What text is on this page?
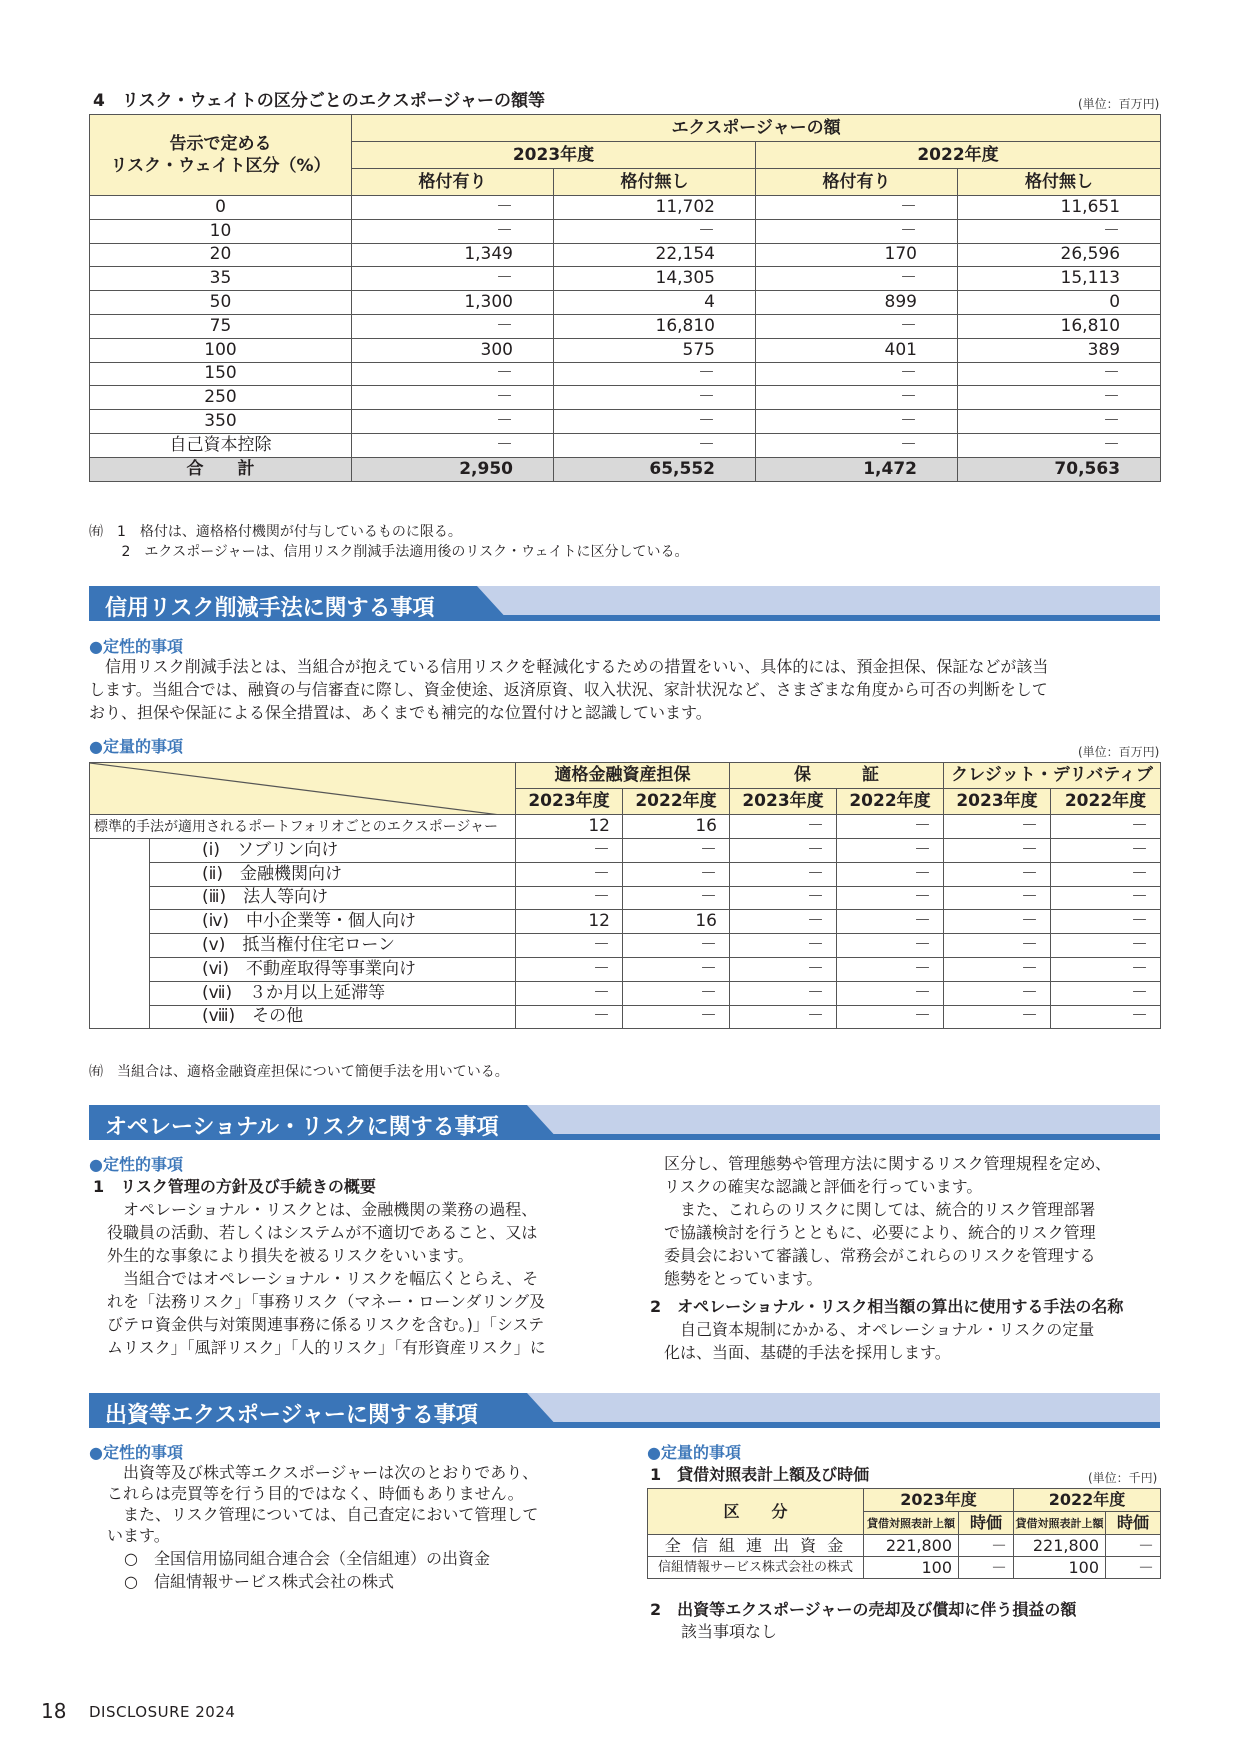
4　リスク・ウェイトの区分ごとのエクスポージャーの額等	(単位：百万円)
告示で定める
リスク・ウェイト区分（%）	エクスポージャーの額			
	2023年度		2022年度	
	格付有り	格付無し	格付有り	格付無し
0	－	11,702	－	11,651
10	－	－	－	－
20	1,349	22,154	170	26,596
35	－	14,305	－	15,113
50	1,300	4	899	0
75	－	16,810	－	16,810
100	300	575	401	389
150	－	－	－	－
250	－	－	－	－
350	－	－	－	－
自己資本控除	－	－	－	－
合　　計	2,950	65,552	1,472	70,563
㈲　1　格付は、適格格付機関が付与しているものに限る。
　　 2　エクスポージャーは、信用リスク削減手法適用後のリスク・ウェイトに区分している。
信用リスク削減手法に関する事項
●定性的事項
　信用リスク削減手法とは、当組合が抱えている信用リスクを軽減化するための措置をいい、具体的には、預金担保、保証などが該当
します。当組合では、融資の与信審査に際し、資金使途、返済原資、収入状況、家計状況など、さまざまな角度から可否の判断をして
おり、担保や保証による保全措置は、あくまでも補完的な位置付けと認識しています。
●定量的事項	(単位：百万円)
	適格金融資産担保		保　　　証		クレジット・デリバティブ	
		2023年度	2022年度	2023年度	2022年度	2023年度	2022年度
標準的手法が適用されるポートフォリオごとのエクスポージャー		12	16	－	－	－	－
	(ⅰ)　ソブリン向け	－	－	－	－	－	－
	(ⅱ)　金融機関向け	－	－	－	－	－	－
	(ⅲ)　法人等向け	－	－	－	－	－	－
	(ⅳ)　中小企業等・個人向け	12	16	－	－	－	－
	(ⅴ)　抵当権付住宅ローン	－	－	－	－	－	－
	(ⅵ)　不動産取得等事業向け	－	－	－	－	－	－
	(ⅶ)　３か月以上延滞等	－	－	－	－	－	－
	(ⅷ)　その他	－	－	－	－	－	－
㈲　当組合は、適格金融資産担保について簡便手法を用いている。
オペレーショナル・リスクに関する事項
●定性的事項
1　リスク管理の方針及び手続きの概要
　オペレーショナル・リスクとは、金融機関の業務の過程、
役職員の活動、若しくはシステムが不適切であること、又は
外生的な事象により損失を被るリスクをいいます。
　当組合ではオペレーショナル・リスクを幅広くとらえ、そ
れを「法務リスク」「事務リスク（マネー・ローンダリング及
びテロ資金供与対策関連事務に係るリスクを含む。)」「システ
ムリスク」「風評リスク」「人的リスク」「有形資産リスク」に
区分し、管理態勢や管理方法に関するリスク管理規程を定め、
リスクの確実な認識と評価を行っています。
　また、これらのリスクに関しては、統合的リスク管理部署
で協議検討を行うとともに、必要により、統合的リスク管理
委員会において審議し、常務会がこれらのリスクを管理する
態勢をとっています。
2　オペレーショナル・リスク相当額の算出に使用する手法の名称
　自己資本規制にかかる、オペレーショナル・リスクの定量
化は、当面、基礎的手法を採用します。
出資等エクスポージャーに関する事項
●定性的事項
　出資等及び株式等エクスポージャーは次のとおりであり、
これらは売買等を行う目的ではなく、時価もありません。
　また、リスク管理については、自己査定において管理して
います。
○　全国信用協同組合連合会（全信組連）の出資金
○　信組情報サービス株式会社の株式
●定量的事項
1　貸借対照表計上額及び時価	(単位：千円)
区　　分	2023年度		2022年度	
	貸借対照表計上額	時価	貸借対照表計上額	時価
全 信 組 連 出 資 金	221,800	－	221,800	－
信組情報サービス株式会社の株式	100	－	100	－
2　出資等エクスポージャーの売却及び償却に伴う損益の額
該当事項なし
18 DISCLOSURE 2024
